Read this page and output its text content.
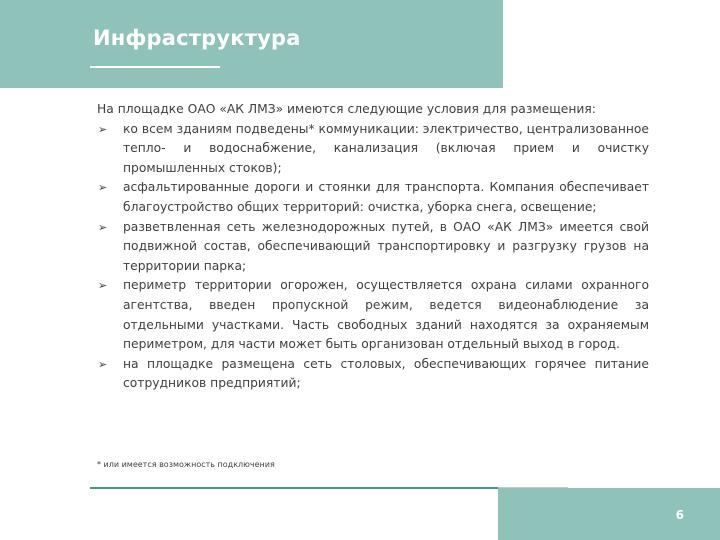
Инфраструктура

На площадке ОАО «АК ЛМЗ» имеются следующие условия для размещения:

➢ ко всем зданиям подведены* коммуникации: электричество, централизованное тепло- и водоснабжение, канализация (включая прием и очистку промышленных стоков);
➢ асфальтированные дороги и стоянки для транспорта. Компания обеспечивает благоустройство общих территорий: очистка, уборка снега, освещение;
➢ разветвленная сеть железнодорожных путей, в ОАО «АК ЛМЗ» имеется свой подвижной состав, обеспечивающий транспортировку и разгрузку грузов на территории парка;
➢ периметр территории огорожен, осуществляется охрана силами охранного агентства, введен пропускной режим, ведется видеонаблюдение за отдельными участками. Часть свободных зданий находятся за охраняемым периметром, для части может быть организован отдельный выход в город.
➢ на площадке размещена сеть столовых, обеспечивающих горячее питание сотрудников предприятий;
* или имеется возможность подключения
6
